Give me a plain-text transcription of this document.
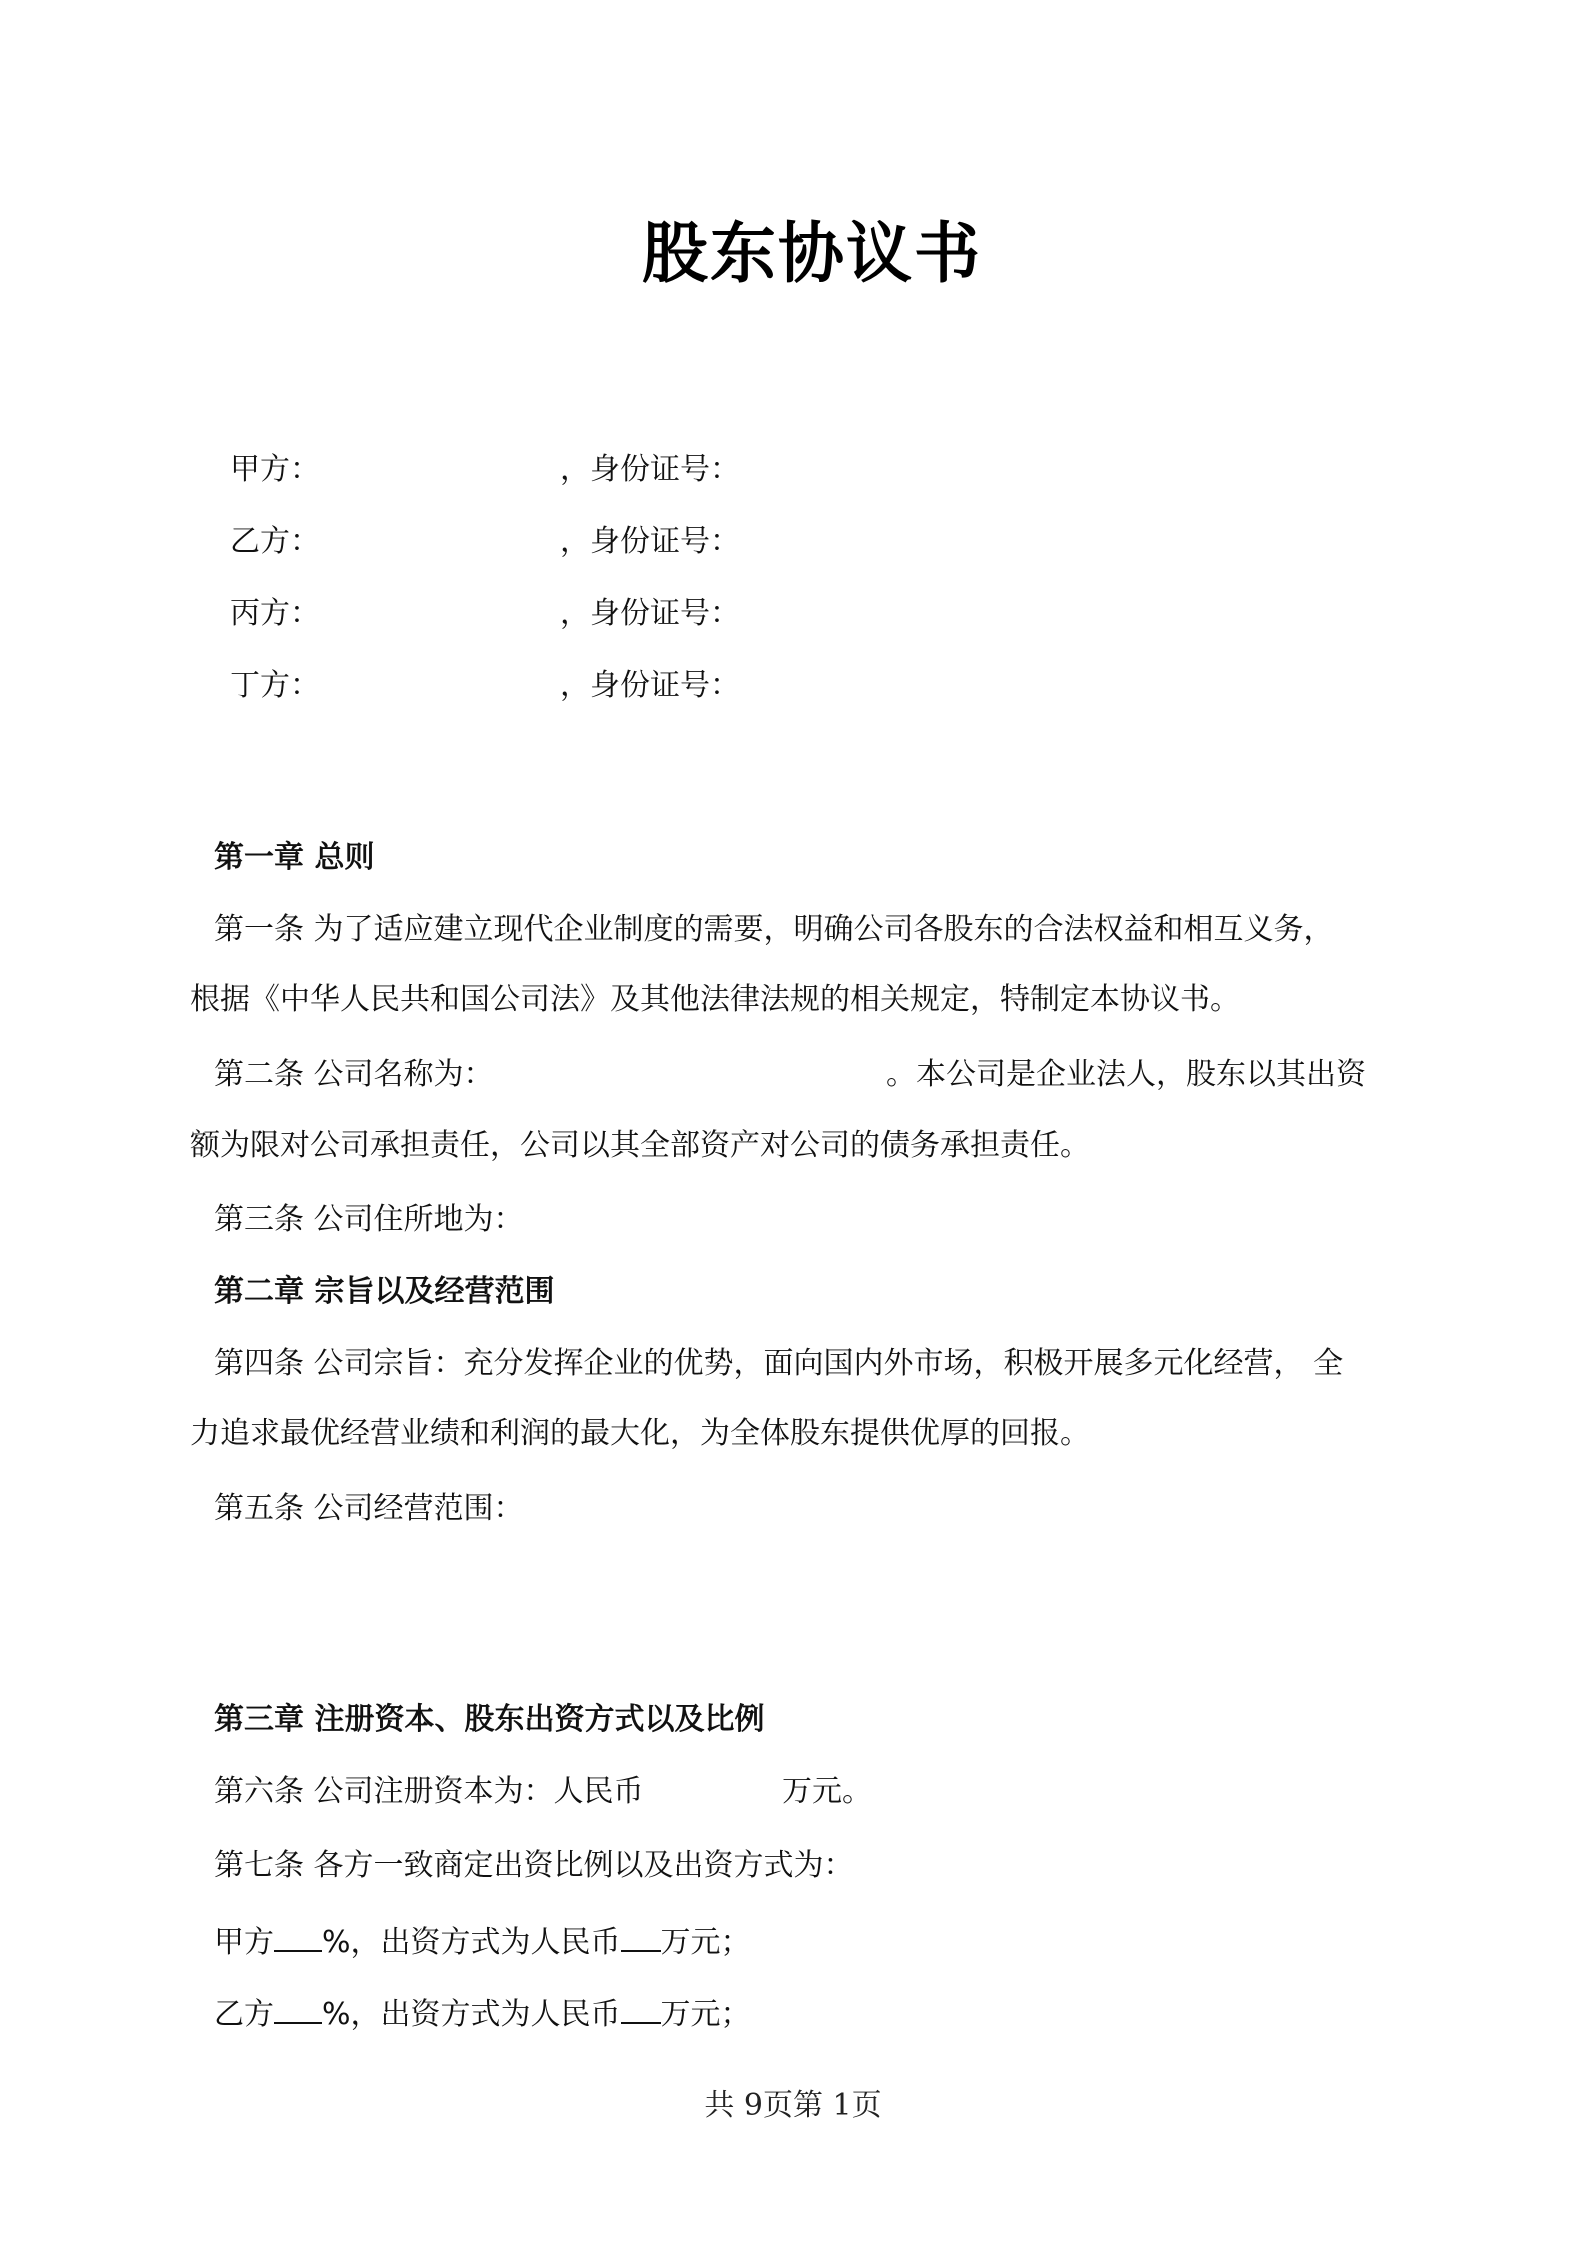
股东协议书
甲方：	，身份证号：
乙方：	，身份证号：
丙方：	，身份证号：
丁方：	，身份证号：
第一章 总则
第一条 为了适应建立现代企业制度的需要，明确公司各股东的合法权益和相互义务，
根据《中华人民共和国公司法》及其他法律法规的相关规定，特制定本协议书。
第二条 公司名称为：	。本公司是企业法人，股东以其出资
额为限对公司承担责任，公司以其全部资产对公司的债务承担责任。
第三条 公司住所地为：
第二章 宗旨以及经营范围
第四条 公司宗旨：充分发挥企业的优势，面向国内外市场，积极开展多元化经营， 全
力追求最优经营业绩和利润的最大化，为全体股东提供优厚的回报。
第五条 公司经营范围：
第三章 注册资本、股东出资方式以及比例
第六条 公司注册资本为：人民币	万元。
第七条 各方一致商定出资比例以及出资方式为：
甲方 %，出资方式为人民币 万元；
乙方 %，出资方式为人民币 万元；
共 9页第 1页
